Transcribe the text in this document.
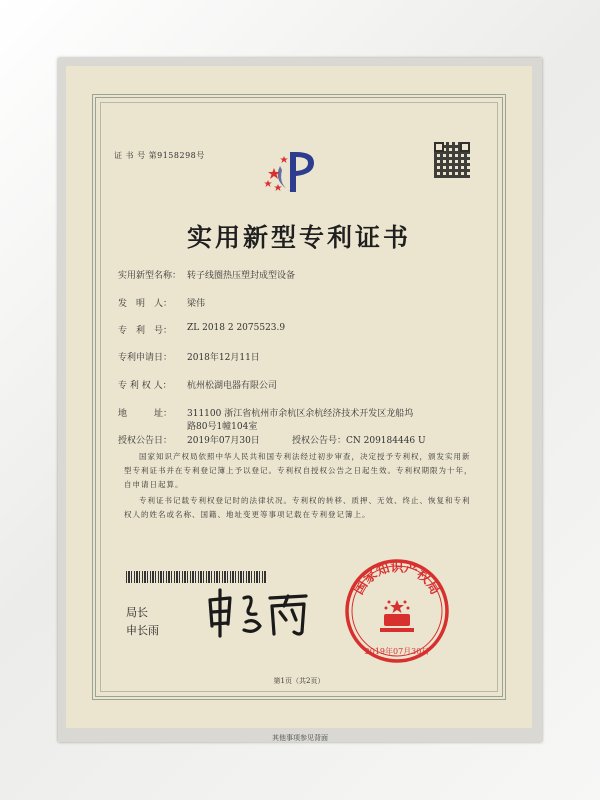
证 书 号 第9158298号
实用新型专利证书
实用新型名称： 转子线圈热压塑封成型设备
发　明　人： 梁伟
专　利　号： ZL 2018 2 2075523.9
专利申请日： 2018年12月11日
专 利 权 人： 杭州松湖电器有限公司
地　　　址： 311100 浙江省杭州市余杭区余杭经济技术开发区龙船坞
路80号1幢104室
授权公告日： 2019年07月30日	授权公告号：CN 209184446 U
国家知识产权局依照中华人民共和国专利法经过初步审查，决定授予专利权，颁发实用新型专利证书并在专利登记簿上予以登记。专利权自授权公告之日起生效。专利权期限为十年，自申请日起算。
专利证书记载专利权登记时的法律状况。专利权的转移、质押、无效、终止、恢复和专利权人的姓名或名称、国籍、地址变更等事项记载在专利登记簿上。
局长
申长雨
国家知识产权局
2019年07月30日
第1页（共2页）
其他事项参见背面
